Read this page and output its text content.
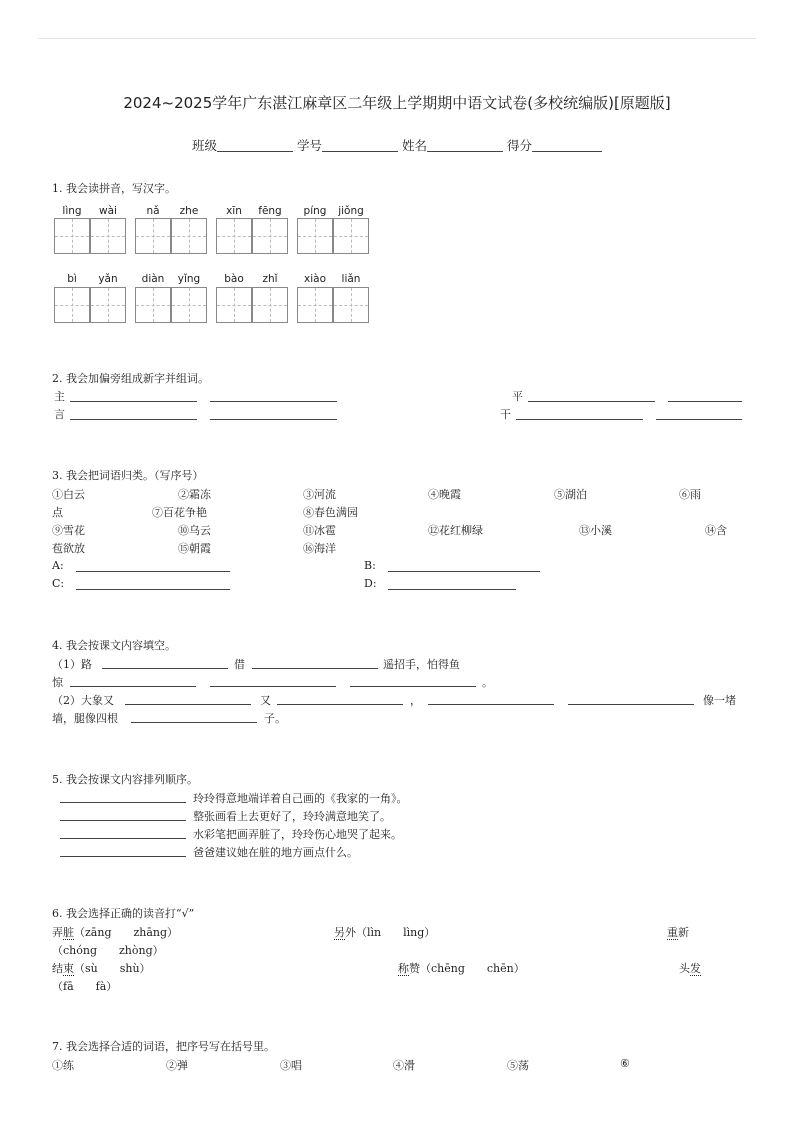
2024~2025学年广东湛江麻章区二年级上学期期中语文试卷(多校统编版)[原题版]
班级	学号	姓名	得分
1. 我会读拼音，写汉字。
lìng	wài	nǎ	zhe	xīn	fēng	píng	jiǒng
bì	yǎn	diàn	yǐng	bào	zhǐ	xiào	liǎn
2. 我会加偏旁组成新字并组词。
主	平
言	干
3. 我会把词语归类。（写序号）
①白云	②霜冻	③河流	④晚霞	⑤湖泊	⑥雨
点	⑦百花争艳	⑧春色满园
⑨雪花	⑩乌云	⑪冰雹	⑫花红柳绿	⑬小溪	⑭含
苞欲放	⑮朝霞	⑯海洋
A:	B:
C:	D:
4. 我会按课文内容填空。
（1）路	借	遥招手，怕得鱼
惊	。
（2）大象又	又	，	像一堵
墙，腿像四根	子。
5. 我会按课文内容排列顺序。
玲玲得意地端详着自己画的《我家的一角》。
整张画看上去更好了，玲玲满意地笑了。
水彩笔把画弄脏了，玲玲伤心地哭了起来。
爸爸建议她在脏的地方画点什么。
6. 我会选择正确的读音打“√”
弄脏（zāng　　zhāng）	另外（lìn　　lìng）	重新
（chóng　　zhòng）
结束（sù　　shù）	称赞（chēng　　chēn）	头发
（fā　　fà）
7. 我会选择合适的词语，把序号写在括号里。
①练	②弹	③唱	④滑	⑤荡	⑥
